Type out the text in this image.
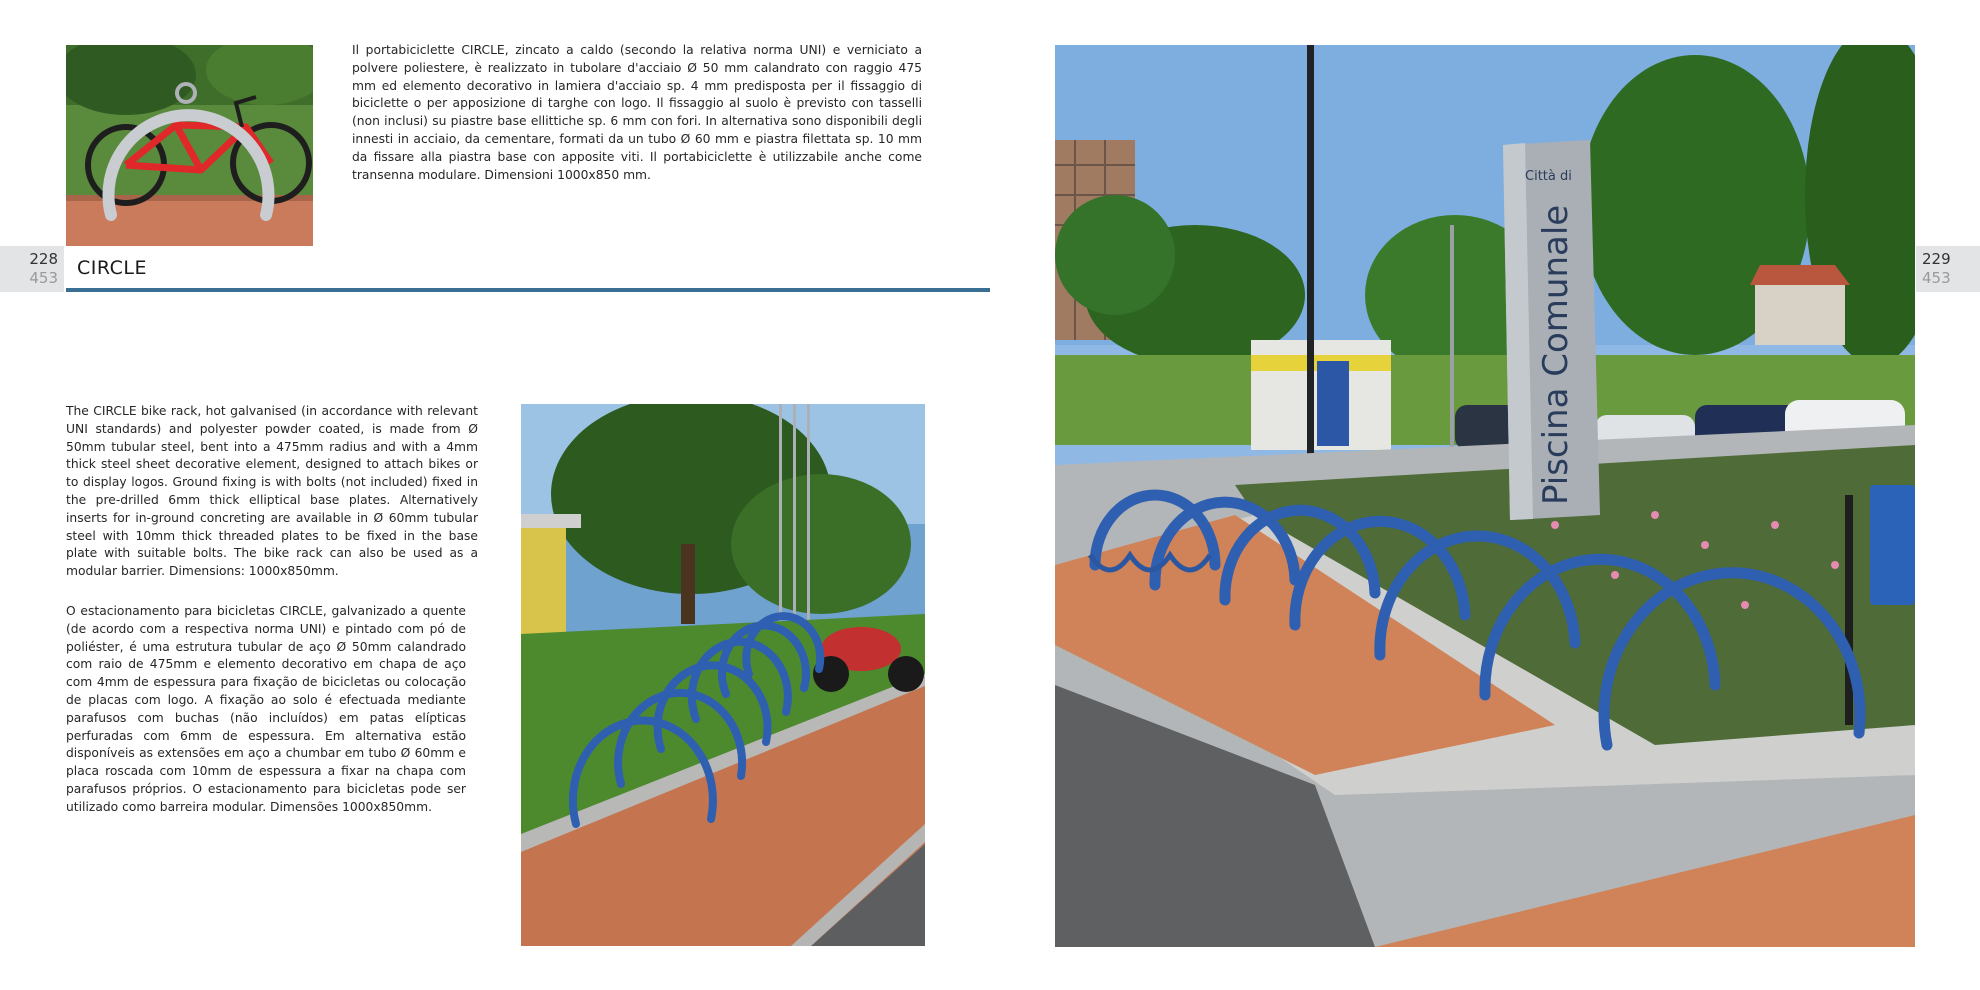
228
453
229
453
CIRCLE

Il portabiciclette CIRCLE, zincato a caldo (secondo la relativa norma UNI) e verniciato a polvere poliestere, è realizzato in tubolare d'acciaio Ø 50 mm calandrato con raggio 475 mm ed elemento decorativo in lamiera d'acciaio sp. 4 mm predisposta per il fissaggio di biciclette o per apposizione di targhe con logo. Il fissaggio al suolo è previsto con tasselli (non inclusi) su piastre base ellittiche sp. 6 mm con fori. In alternativa sono disponibili degli innesti in acciaio, da cementare, formati da un tubo Ø 60 mm e piastra filettata sp. 10 mm da fissare alla piastra base con apposite viti. Il portabiciclette è utilizzabile anche come transenna modulare. Dimensioni 1000x850 mm.

The CIRCLE bike rack, hot galvanised (in accordance with relevant UNI standards) and polyester powder coated, is made from Ø 50mm tubular steel, bent into a 475mm radius and with a 4mm thick steel sheet decorative element, designed to attach bikes or to display logos. Ground fixing is with bolts (not included) fixed in the pre-drilled 6mm thick elliptical base plates. Alternatively inserts for in-ground concreting are available in Ø 60mm tubular steel with 10mm thick threaded plates to be fixed in the base plate with suitable bolts. The bike rack can also be used as a modular barrier. Dimensions: 1000x850mm.

O estacionamento para bicicletas CIRCLE, galvanizado a quente (de acordo com a respectiva norma UNI) e pintado com pó de poliéster, é uma estrutura tubular de aço Ø 50mm calandrado com raio de 475mm e elemento decorativo em chapa de aço com 4mm de espessura para fixação de bicicletas ou colocação de placas com logo. A fixação ao solo é efectuada mediante parafusos com buchas (não incluídos) em patas elípticas perfuradas com 6mm de espessura. Em alternativa estão disponíveis as extensões em aço a chumbar em tubo Ø 60mm e placa roscada com 10mm de espessura a fixar na chapa com parafusos próprios. O estacionamento para bicicletas pode ser utilizado como barreira modular. Dimensões 1000x850mm.

Piscina Comunale
Città di
